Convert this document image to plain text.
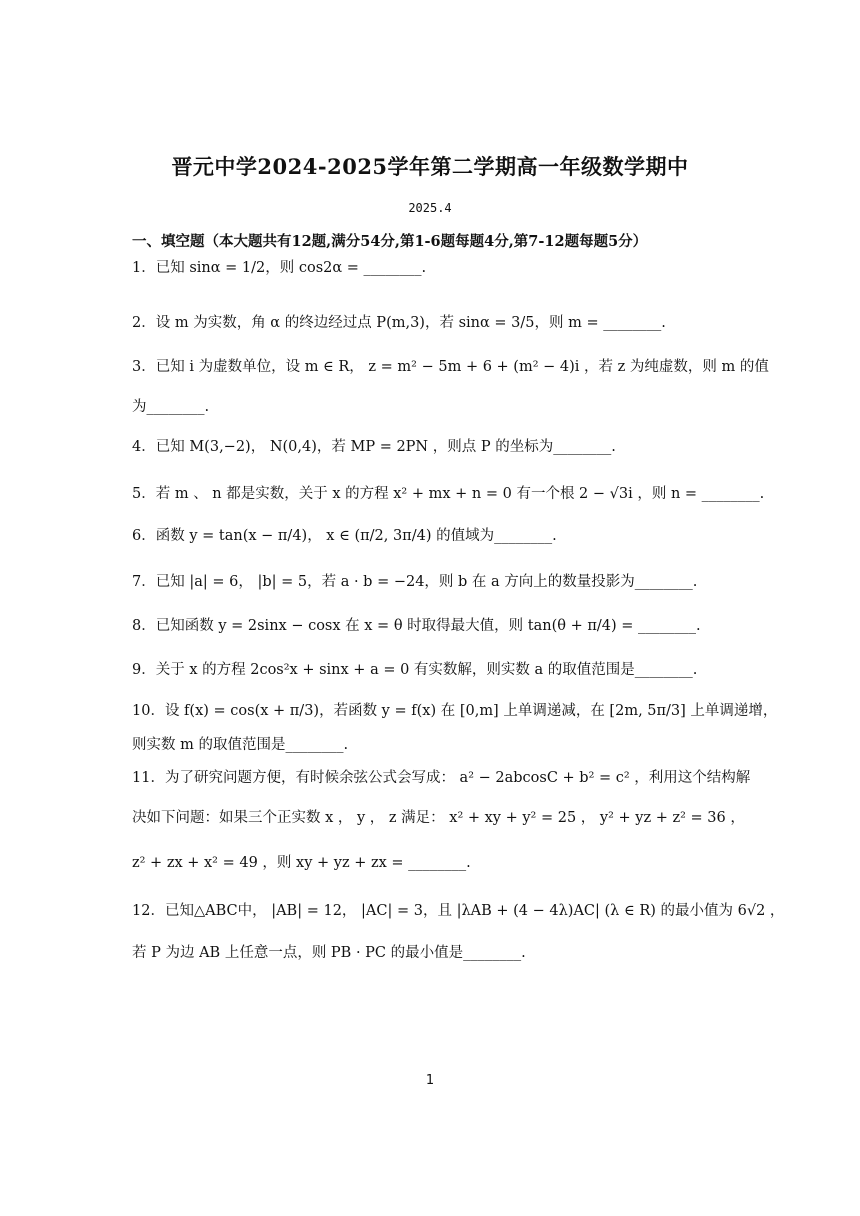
晋元中学2024-2025学年第二学期高一年级数学期中
2025.4
一、填空题（本大题共有12题,满分54分,第1-6题每题4分,第7-12题每题5分）
1．已知 sinα = 1/2，则 cos2α = ________.
2．设 m 为实数，角 α 的终边经过点 P(m,3)，若 sinα = 3/5，则 m = ________.
3．已知 i 为虚数单位，设 m ∈ R， z = m² − 5m + 6 + (m² − 4)i ，若 z 为纯虚数，则 m 的值
为________.
4．已知 M(3,−2)， N(0,4)，若 MP = 2PN ，则点 P 的坐标为________.
5．若 m 、 n 都是实数，关于 x 的方程 x² + mx + n = 0 有一个根 2 − √3i ，则 n = ________.
6．函数 y = tan(x − π/4)， x ∈ (π/2, 3π/4) 的值域为________.
7．已知 |a| = 6， |b| = 5，若 a · b = −24，则 b 在 a 方向上的数量投影为________.
8．已知函数 y = 2sinx − cosx 在 x = θ 时取得最大值，则 tan(θ + π/4) = ________.
9．关于 x 的方程 2cos²x + sinx + a = 0 有实数解，则实数 a 的取值范围是________.
10．设 f(x) = cos(x + π/3)，若函数 y = f(x) 在 [0,m] 上单调递减，在 [2m, 5π/3] 上单调递增，
则实数 m 的取值范围是________.
11．为了研究问题方便，有时候余弦公式会写成： a² − 2abcosC + b² = c² ，利用这个结构解
决如下问题：如果三个正实数 x ， y ， z 满足： x² + xy + y² = 25 ， y² + yz + z² = 36 ，
z² + zx + x² = 49 ，则 xy + yz + zx = ________.
12．已知△ABC中， |AB| = 12， |AC| = 3，且 |λAB + (4 − 4λ)AC| (λ ∈ R) 的最小值为 6√2 ，
若 P 为边 AB 上任意一点，则 PB · PC 的最小值是________.
1
